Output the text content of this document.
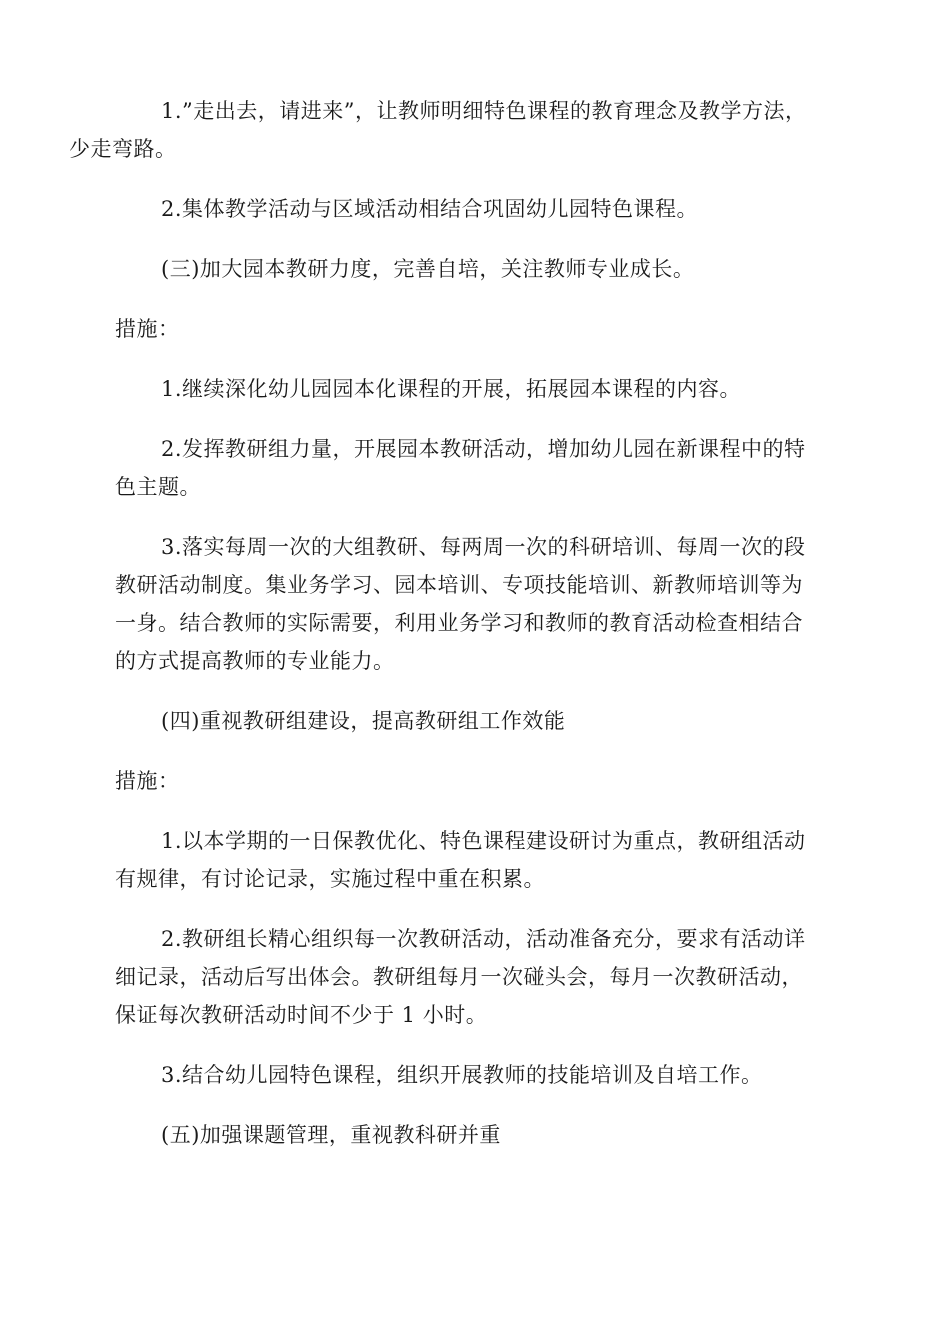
1.”走出去，请进来”，让教师明细特色课程的教育理念及教学方法，
少走弯路。

2.集体教学活动与区域活动相结合巩固幼儿园特色课程。

(三)加大园本教研力度，完善自培，关注教师专业成长。

措施：

1.继续深化幼儿园园本化课程的开展，拓展园本课程的内容。

2.发挥教研组力量，开展园本教研活动，增加幼儿园在新课程中的特
色主题。

3.落实每周一次的大组教研、每两周一次的科研培训、每周一次的段
教研活动制度。集业务学习、园本培训、专项技能培训、新教师培训等为
一身。结合教师的实际需要，利用业务学习和教师的教育活动检查相结合
的方式提高教师的专业能力。

(四)重视教研组建设，提高教研组工作效能

措施：

1.以本学期的一日保教优化、特色课程建设研讨为重点，教研组活动
有规律，有讨论记录，实施过程中重在积累。

2.教研组长精心组织每一次教研活动，活动准备充分，要求有活动详
细记录，活动后写出体会。教研组每月一次碰头会，每月一次教研活动，
保证每次教研活动时间不少于 1 小时。

3.结合幼儿园特色课程，组织开展教师的技能培训及自培工作。

(五)加强课题管理，重视教科研并重
